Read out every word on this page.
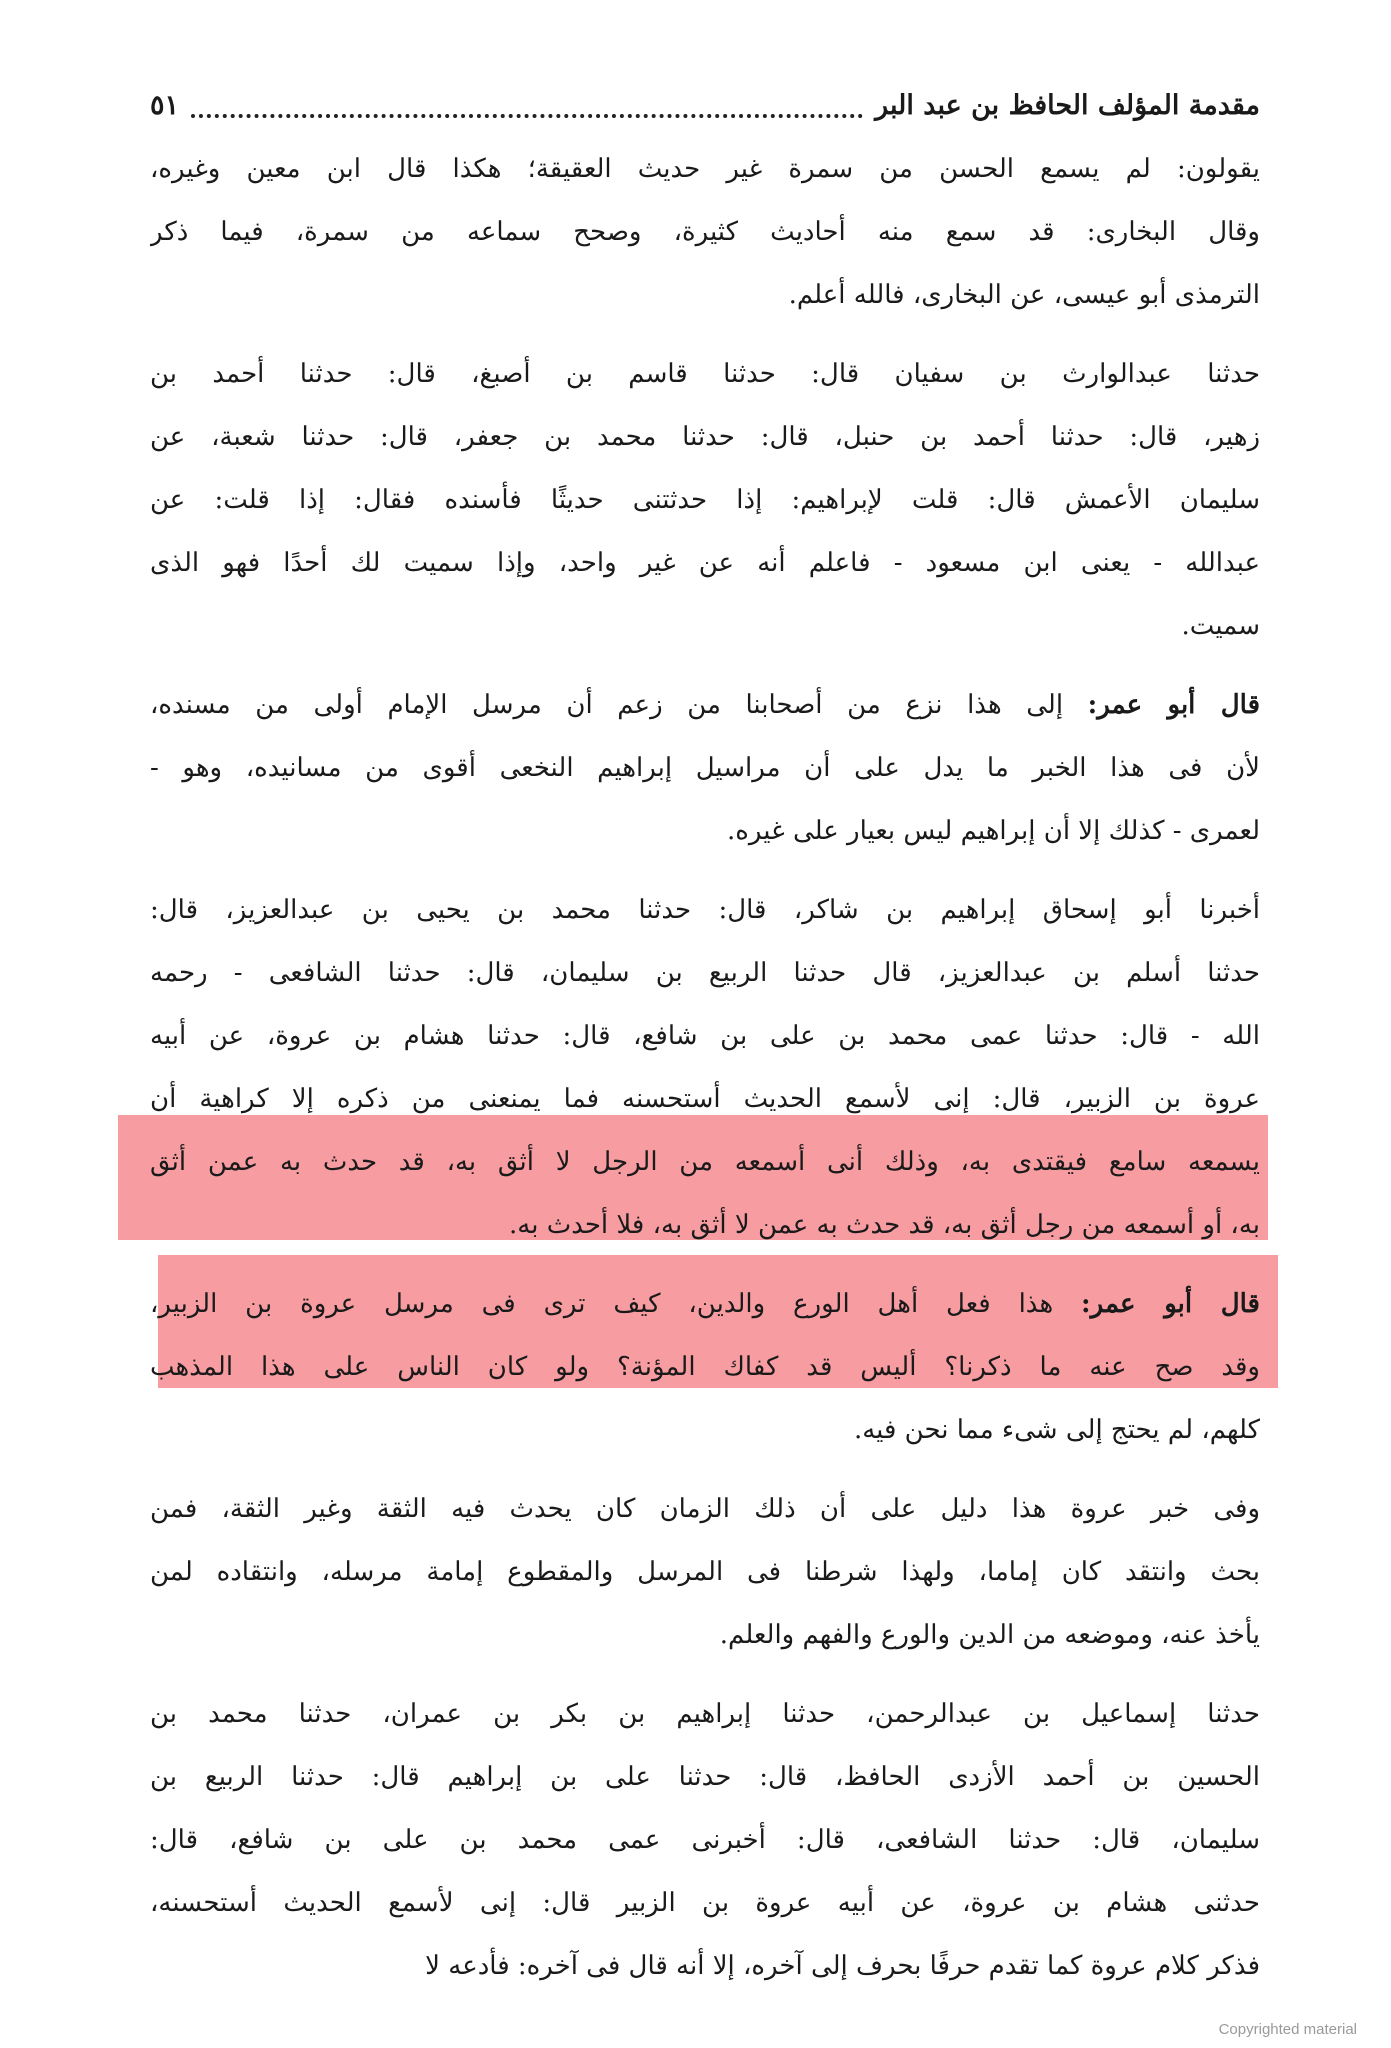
مقدمة المؤلف الحافظ بن عبد البر
٥١
يقولون: لم يسمع الحسن من سمرة غير حديث العقيقة؛ هكذا قال ابن معين وغيره،
وقال البخارى: قد سمع منه أحاديث كثيرة، وصحح سماعه من سمرة، فيما ذكر
الترمذى أبو عيسى، عن البخارى، فالله أعلم.
حدثنا عبدالوارث بن سفيان قال: حدثنا قاسم بن أصبغ، قال: حدثنا أحمد بن
زهير، قال: حدثنا أحمد بن حنبل، قال: حدثنا محمد بن جعفر، قال: حدثنا شعبة، عن
سليمان الأعمش قال: قلت لإبراهيم: إذا حدثتنى حديثًا فأسنده فقال: إذا قلت: عن
عبدالله - يعنى ابن مسعود - فاعلم أنه عن غير واحد، وإذا سميت لك أحدًا فهو الذى
سميت.
قال أبو عمر: إلى هذا نزع من أصحابنا من زعم أن مرسل الإمام أولى من مسنده،
لأن فى هذا الخبر ما يدل على أن مراسيل إبراهيم النخعى أقوى من مسانيده، وهو -
لعمرى - كذلك إلا أن إبراهيم ليس بعيار على غيره.
أخبرنا أبو إسحاق إبراهيم بن شاكر، قال: حدثنا محمد بن يحيى بن عبدالعزيز، قال:
حدثنا أسلم بن عبدالعزيز، قال حدثنا الربيع بن سليمان، قال: حدثنا الشافعى - رحمه
الله - قال: حدثنا عمى محمد بن على بن شافع، قال: حدثنا هشام بن عروة، عن أبيه
عروة بن الزبير، قال: إنى لأسمع الحديث أستحسنه فما يمنعنى من ذكره إلا كراهية أن
يسمعه سامع فيقتدى به، وذلك أنى أسمعه من الرجل لا أثق به، قد حدث به عمن أثق
به، أو أسمعه من رجل أثق به، قد حدث به عمن لا أثق به، فلا أحدث به.
قال أبو عمر: هذا فعل أهل الورع والدين، كيف ترى فى مرسل عروة بن الزبير،
وقد صح عنه ما ذكرنا؟ أليس قد كفاك المؤنة؟ ولو كان الناس على هذا المذهب
كلهم، لم يحتج إلى شىء مما نحن فيه.
وفى خبر عروة هذا دليل على أن ذلك الزمان كان يحدث فيه الثقة وغير الثقة، فمن
بحث وانتقد كان إماما، ولهذا شرطنا فى المرسل والمقطوع إمامة مرسله، وانتقاده لمن
يأخذ عنه، وموضعه من الدين والورع والفهم والعلم.
حدثنا إسماعيل بن عبدالرحمن، حدثنا إبراهيم بن بكر بن عمران، حدثنا محمد بن
الحسين بن أحمد الأزدى الحافظ، قال: حدثنا على بن إبراهيم قال: حدثنا الربيع بن
سليمان، قال: حدثنا الشافعى، قال: أخبرنى عمى محمد بن على بن شافع، قال:
حدثنى هشام بن عروة، عن أبيه عروة بن الزبير قال: إنى لأسمع الحديث أستحسنه،
فذكر كلام عروة كما تقدم حرفًا بحرف إلى آخره، إلا أنه قال فى آخره: فأدعه لا
Copyrighted material
